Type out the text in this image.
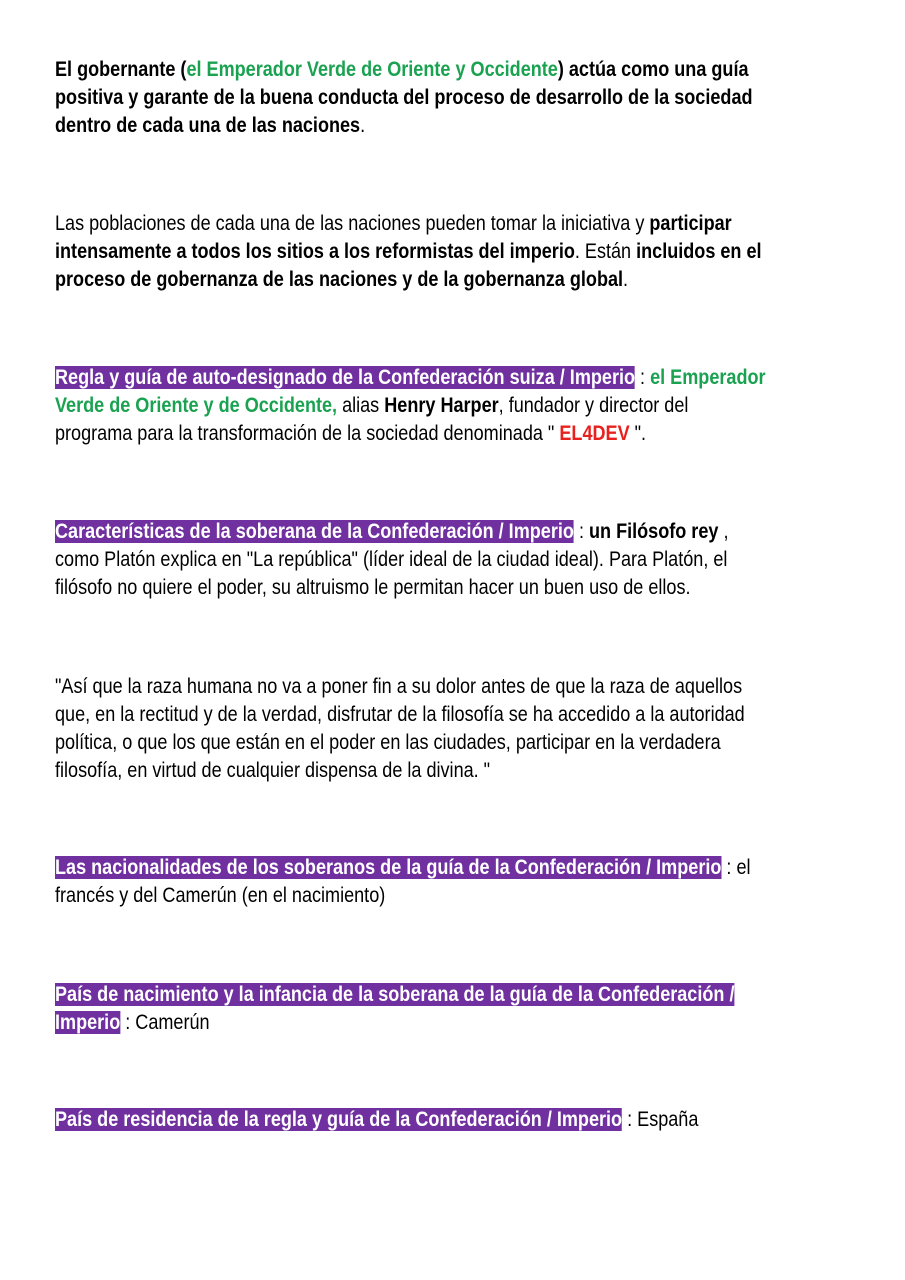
El gobernante (el Emperador Verde de Oriente y Occidente) actúa como una guía positiva y garante de la buena conducta del proceso de desarrollo de la sociedad dentro de cada una de las naciones.

Las poblaciones de cada una de las naciones pueden tomar la iniciativa y participar intensamente a todos los sitios a los reformistas del imperio. Están incluidos en el proceso de gobernanza de las naciones y de la gobernanza global.

Regla y guía de auto-designado de la Confederación suiza / Imperio : el Emperador Verde de Oriente y de Occidente, alias Henry Harper, fundador y director del programa para la transformación de la sociedad denominada " EL4DEV ".

Características de la soberana de la Confederación / Imperio : un Filósofo rey , como Platón explica en "La república" (líder ideal de la ciudad ideal). Para Platón, el filósofo no quiere el poder, su altruismo le permitan hacer un buen uso de ellos.

"Así que la raza humana no va a poner fin a su dolor antes de que la raza de aquellos que, en la rectitud y de la verdad, disfrutar de la filosofía se ha accedido a la autoridad política, o que los que están en el poder en las ciudades, participar en la verdadera filosofía, en virtud de cualquier dispensa de la divina. "

Las nacionalidades de los soberanos de la guía de la Confederación / Imperio : el francés y del Camerún (en el nacimiento)

País de nacimiento y la infancia de la soberana de la guía de la Confederación / Imperio : Camerún

País de residencia de la regla y guía de la Confederación / Imperio : España
